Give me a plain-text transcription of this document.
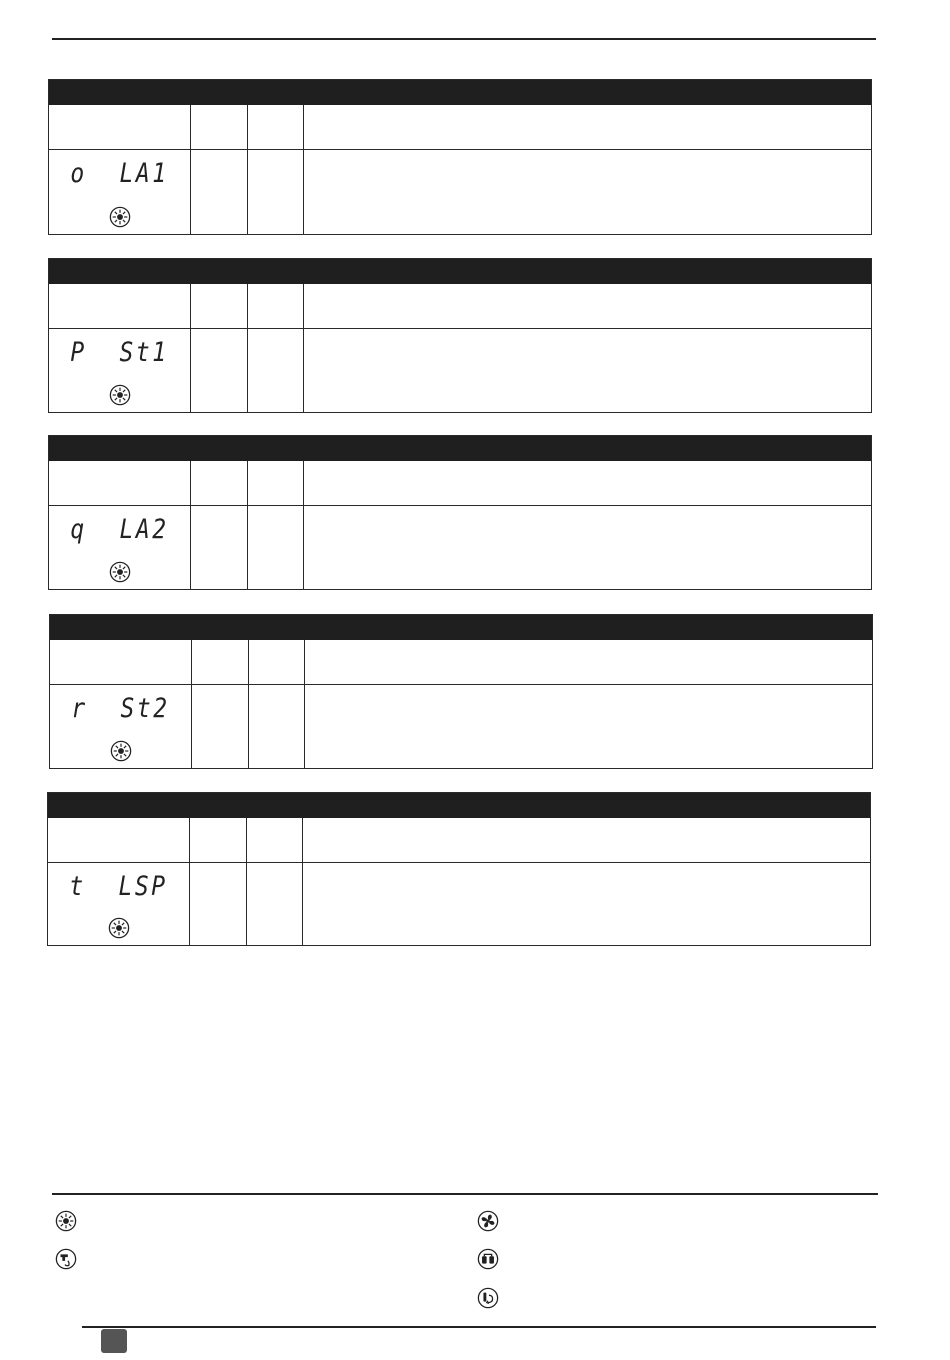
o  LA1
P  St1
q  LA2
r  St2
t  LSP
